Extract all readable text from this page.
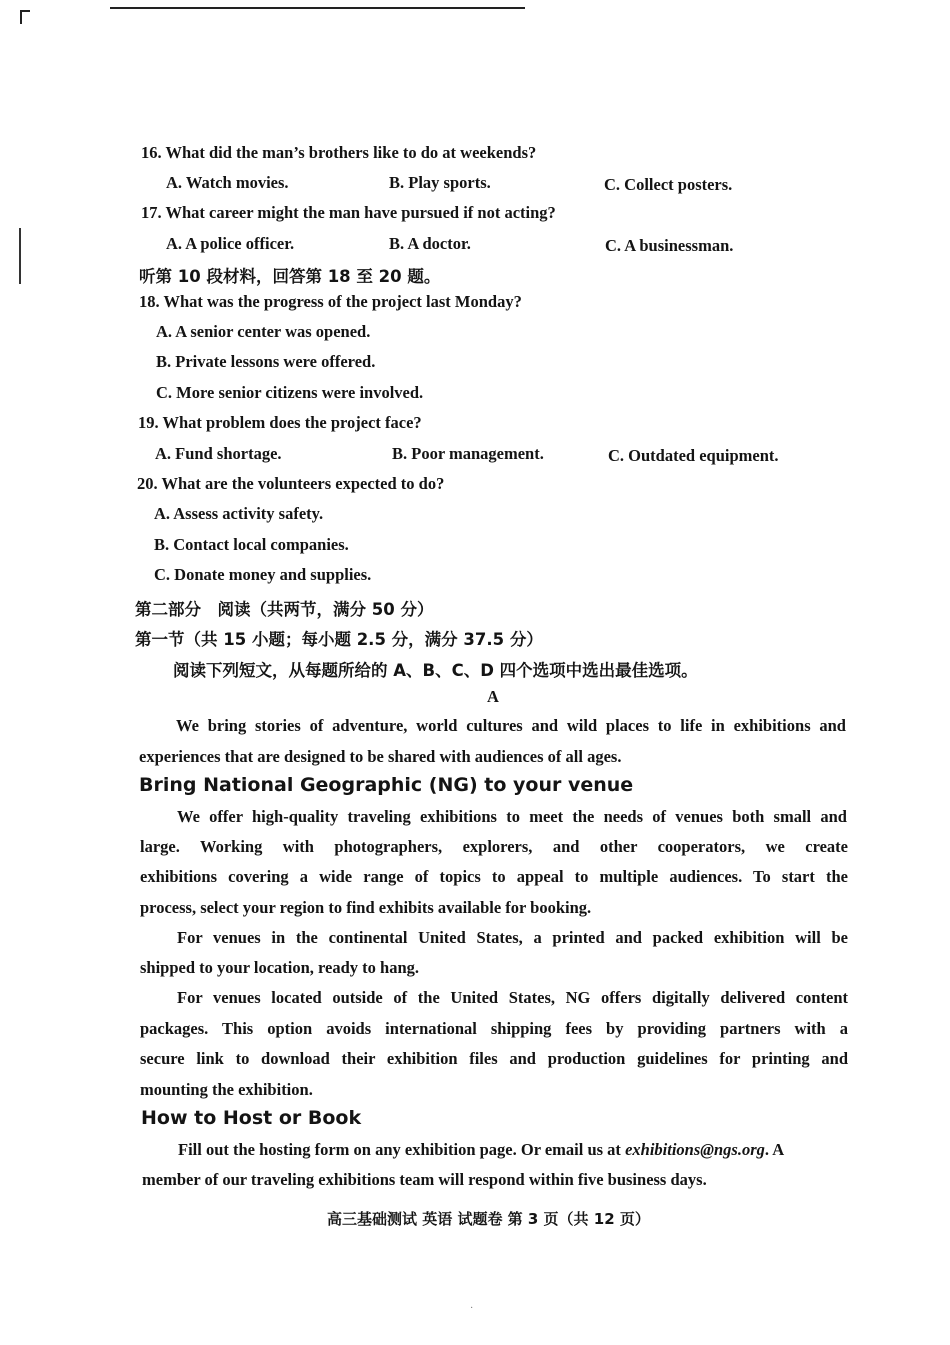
16. What did the man’s brothers like to do at weekends?
A. Watch movies.	B. Play sports.	C. Collect posters.
17. What career might the man have pursued if not acting?
A. A police officer.	B. A doctor.	C. A businessman.
听第 10 段材料，回答第 18 至 20 题。
18. What was the progress of the project last Monday?
A. A senior center was opened.
B. Private lessons were offered.
C. More senior citizens were involved.
19. What problem does the project face?
A. Fund shortage.	B. Poor management.	C. Outdated equipment.
20. What are the volunteers expected to do?
A. Assess activity safety.
B. Contact local companies.
C. Donate money and supplies.
第二部分　阅读（共两节，满分 50 分）
第一节（共 15 小题；每小题 2.5 分，满分 37.5 分）
阅读下列短文，从每题所给的 A、B、C、D 四个选项中选出最佳选项。
A
We bring stories of adventure, world cultures and wild places to life in exhibitions and
experiences that are designed to be shared with audiences of all ages.
Bring National Geographic (NG) to your venue
We offer high-quality traveling exhibitions to meet the needs of venues both small and
large. Working with photographers, explorers, and other cooperators, we create
exhibitions covering a wide range of topics to appeal to multiple audiences. To start the
process, select your region to find exhibits available for booking.
For venues in the continental United States, a printed and packed exhibition will be
shipped to your location, ready to hang.
For venues located outside of the United States, NG offers digitally delivered content
packages. This option avoids international shipping fees by providing partners with a
secure link to download their exhibition files and production guidelines for printing and
mounting the exhibition.
How to Host or Book
Fill out the hosting form on any exhibition page. Or email us at exhibitions@ngs.org. A
member of our traveling exhibitions team will respond within five business days.
高三基础测试 英语 试题卷 第 3 页（共 12 页）
·
